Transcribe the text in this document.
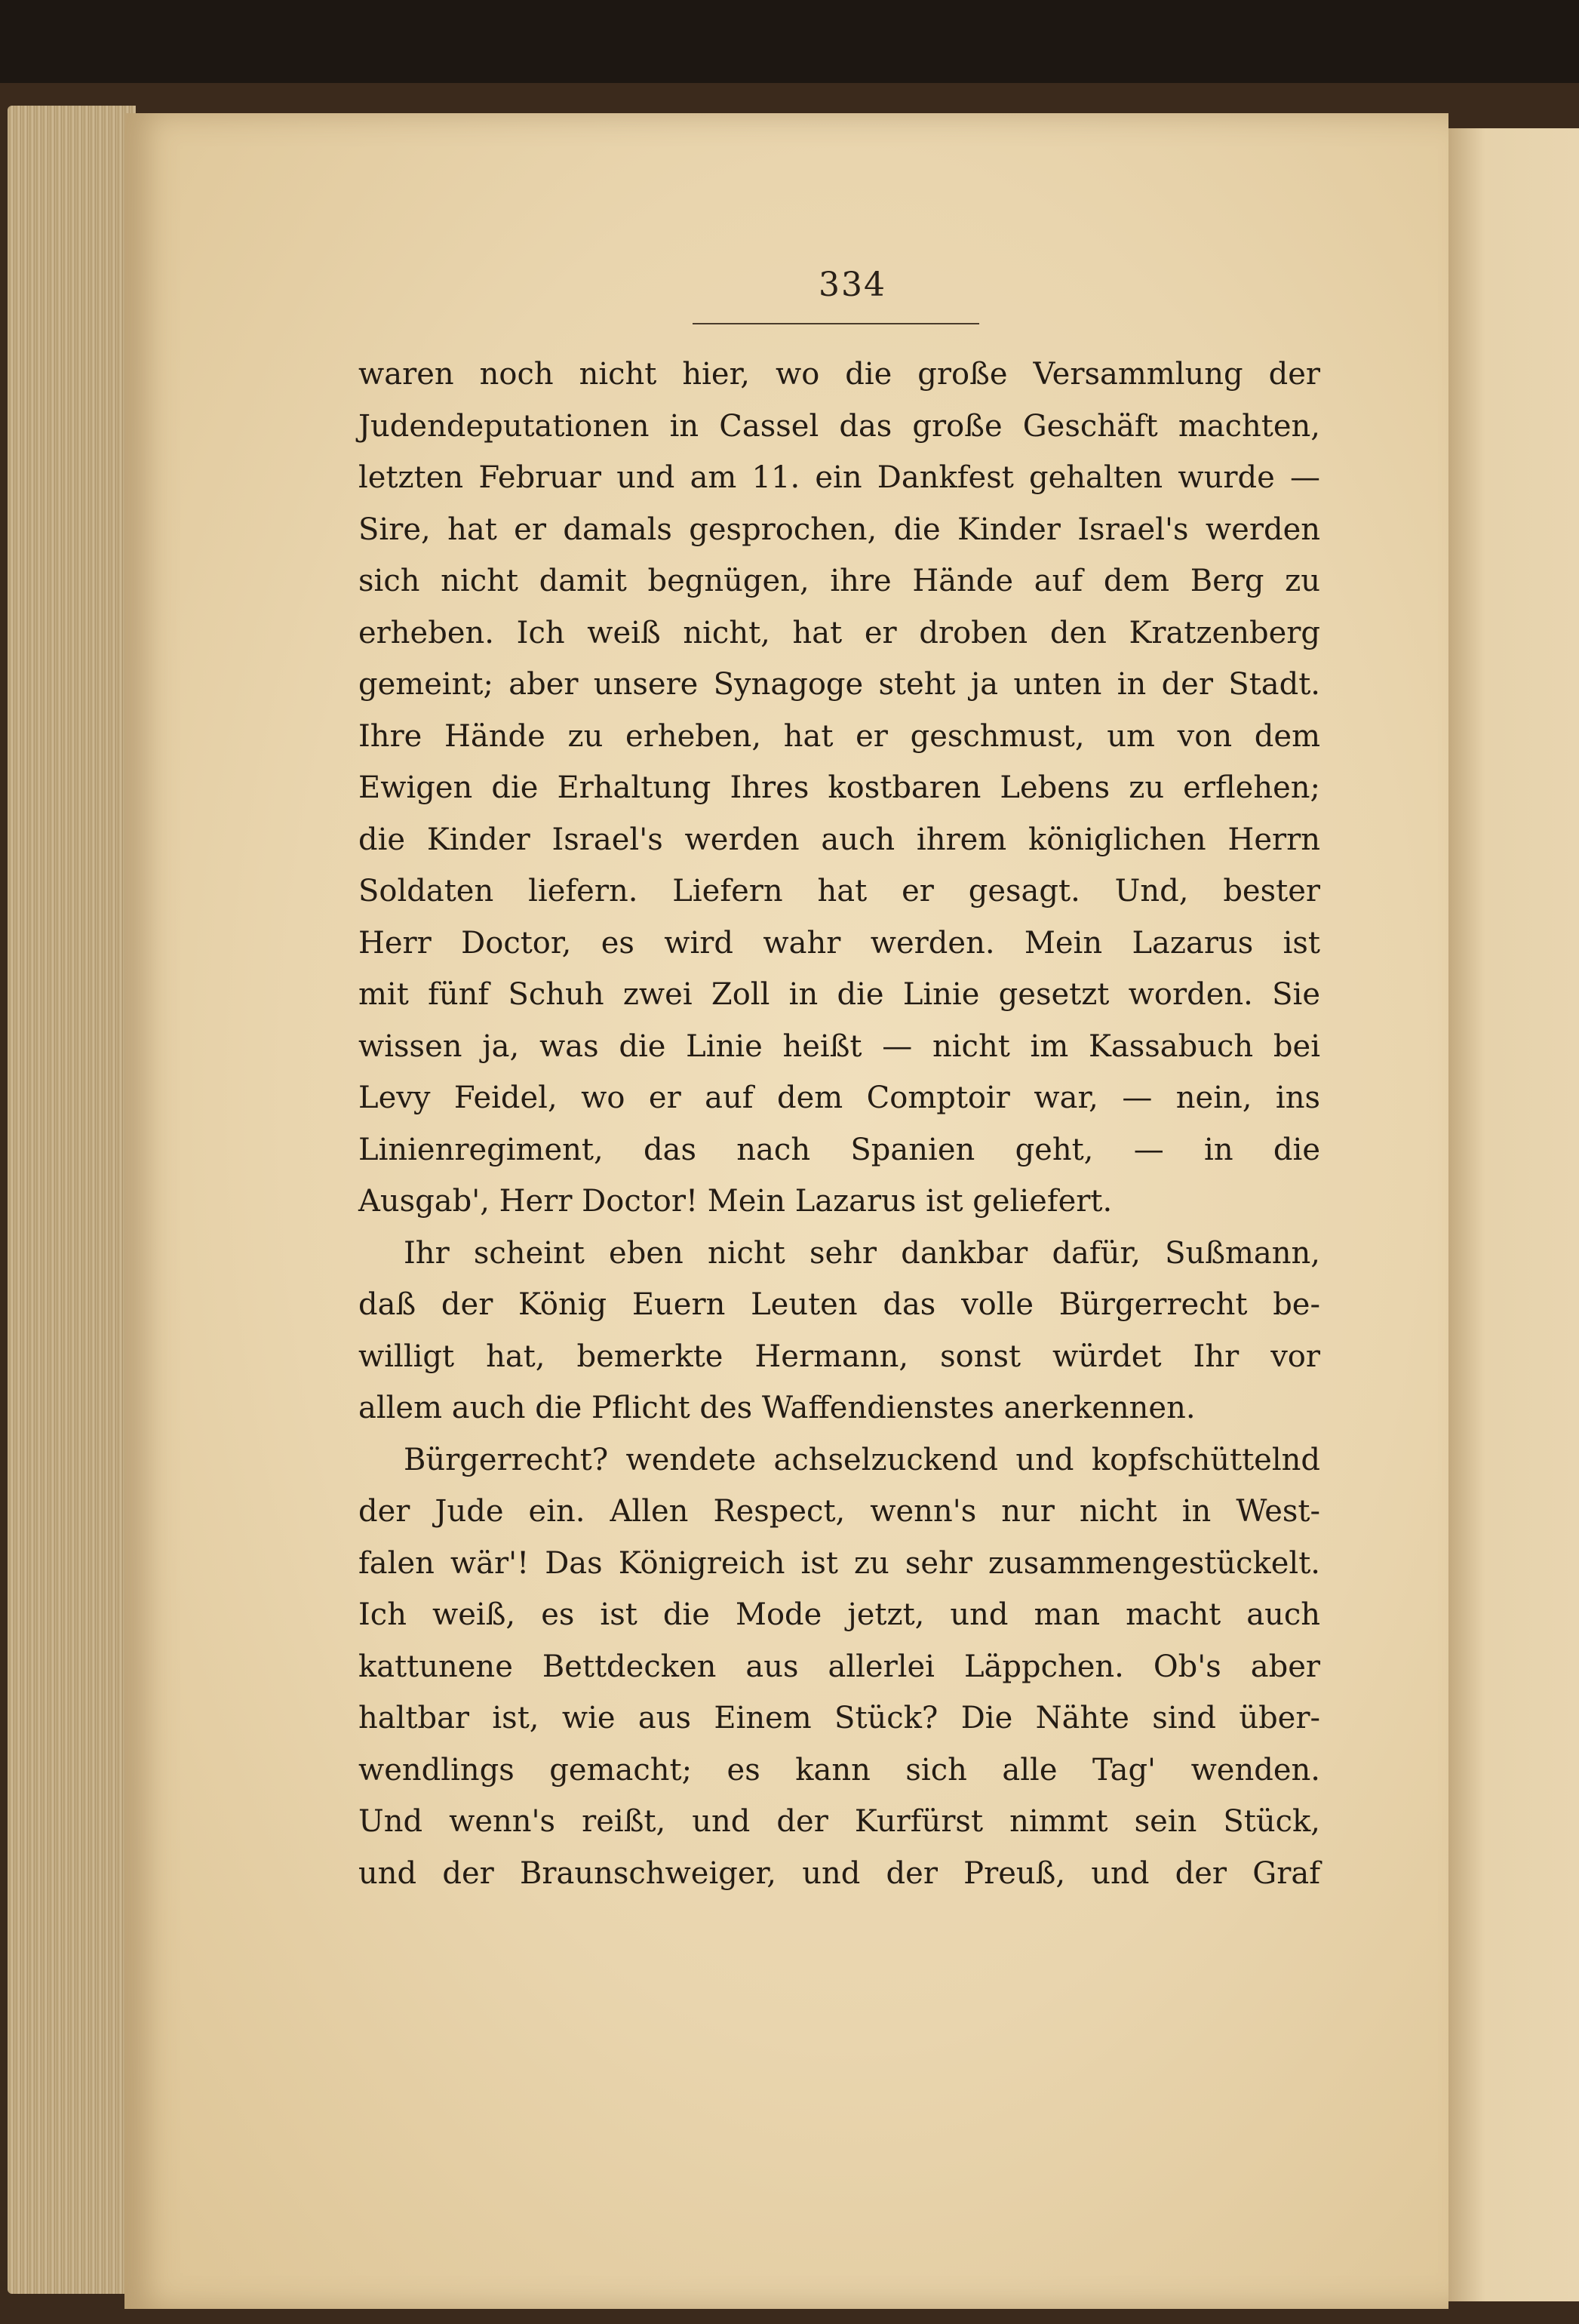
334
waren noch nicht hier, wo die große Versammlung der
Judendeputationen in Cassel das große Geschäft machten,
letzten Februar und am 11. ein Dankfest gehalten wurde —
Sire, hat er damals gesprochen, die Kinder Israel's werden
sich nicht damit begnügen, ihre Hände auf dem Berg zu
erheben. Ich weiß nicht, hat er droben den Kratzenberg
gemeint; aber unsere Synagoge steht ja unten in der Stadt.
Ihre Hände zu erheben, hat er geschmust, um von dem
Ewigen die Erhaltung Ihres kostbaren Lebens zu erflehen;
die Kinder Israel's werden auch ihrem königlichen Herrn
Soldaten liefern. Liefern hat er gesagt. Und, bester
Herr Doctor, es wird wahr werden. Mein Lazarus ist
mit fünf Schuh zwei Zoll in die Linie gesetzt worden. Sie
wissen ja, was die Linie heißt — nicht im Kassabuch bei
Levy Feidel, wo er auf dem Comptoir war, — nein, ins
Linienregiment, das nach Spanien geht, — in die
Ausgab', Herr Doctor! Mein Lazarus ist geliefert.
Ihr scheint eben nicht sehr dankbar dafür, Sußmann,
daß der König Euern Leuten das volle Bürgerrecht be-
willigt hat, bemerkte Hermann, sonst würdet Ihr vor
allem auch die Pflicht des Waffendienstes anerkennen.
Bürgerrecht? wendete achselzuckend und kopfschüttelnd
der Jude ein. Allen Respect, wenn's nur nicht in West-
falen wär'! Das Königreich ist zu sehr zusammengestückelt.
Ich weiß, es ist die Mode jetzt, und man macht auch
kattunene Bettdecken aus allerlei Läppchen. Ob's aber
haltbar ist, wie aus Einem Stück? Die Nähte sind über-
wendlings gemacht; es kann sich alle Tag' wenden.
Und wenn's reißt, und der Kurfürst nimmt sein Stück,
und der Braunschweiger, und der Preuß, und der Graf
